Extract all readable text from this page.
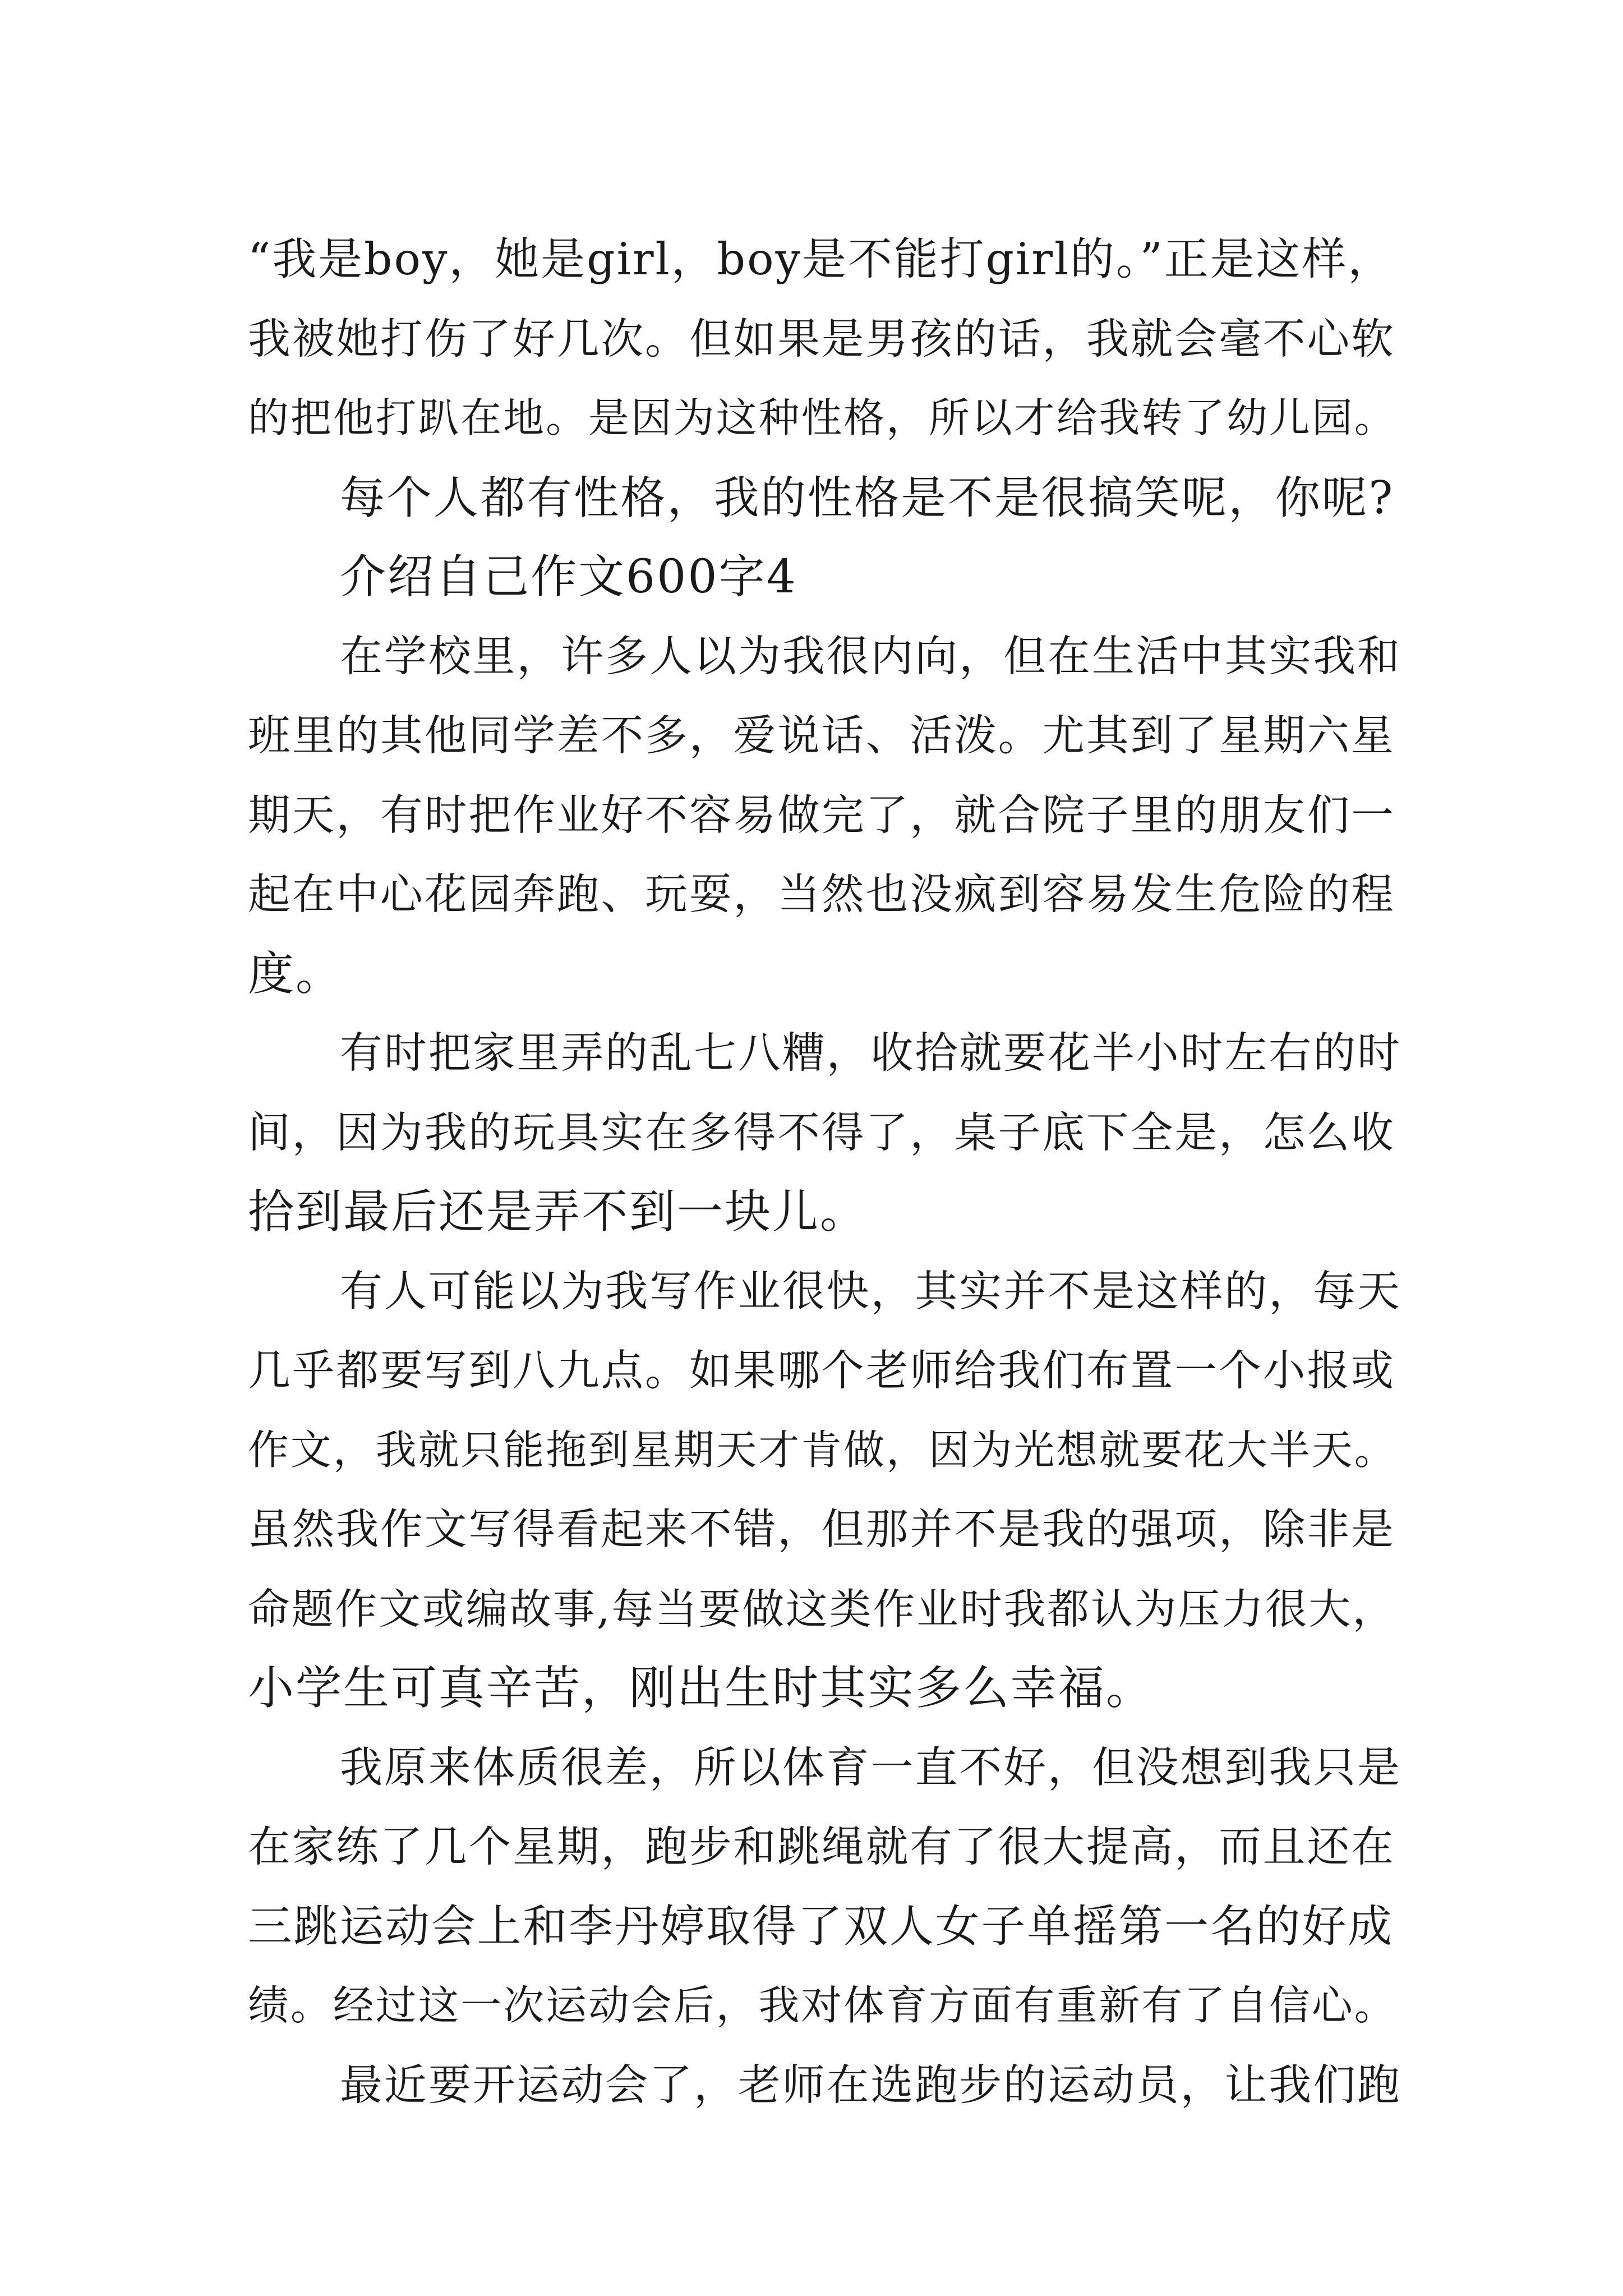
“我是boy，她是girl，boy是不能打girl的。”正是这样，
我被她打伤了好几次。但如果是男孩的话，我就会毫不心软
的把他打趴在地。是因为这种性格，所以才给我转了幼儿园。
每个人都有性格，我的性格是不是很搞笑呢，你呢?
介绍自己作文600字4
在学校里，许多人以为我很内向，但在生活中其实我和
班里的其他同学差不多，爱说话、活泼。尤其到了星期六星
期天，有时把作业好不容易做完了，就合院子里的朋友们一
起在中心花园奔跑、玩耍，当然也没疯到容易发生危险的程
度。
有时把家里弄的乱七八糟，收拾就要花半小时左右的时
间，因为我的玩具实在多得不得了，桌子底下全是，怎么收
拾到最后还是弄不到一块儿。
有人可能以为我写作业很快，其实并不是这样的，每天
几乎都要写到八九点。如果哪个老师给我们布置一个小报或
作文，我就只能拖到星期天才肯做，因为光想就要花大半天。
虽然我作文写得看起来不错，但那并不是我的强项，除非是
命题作文或编故事,每当要做这类作业时我都认为压力很大，
小学生可真辛苦，刚出生时其实多么幸福。
我原来体质很差，所以体育一直不好，但没想到我只是
在家练了几个星期，跑步和跳绳就有了很大提高，而且还在
三跳运动会上和李丹婷取得了双人女子单摇第一名的好成
绩。经过这一次运动会后，我对体育方面有重新有了自信心。
最近要开运动会了，老师在选跑步的运动员，让我们跑
